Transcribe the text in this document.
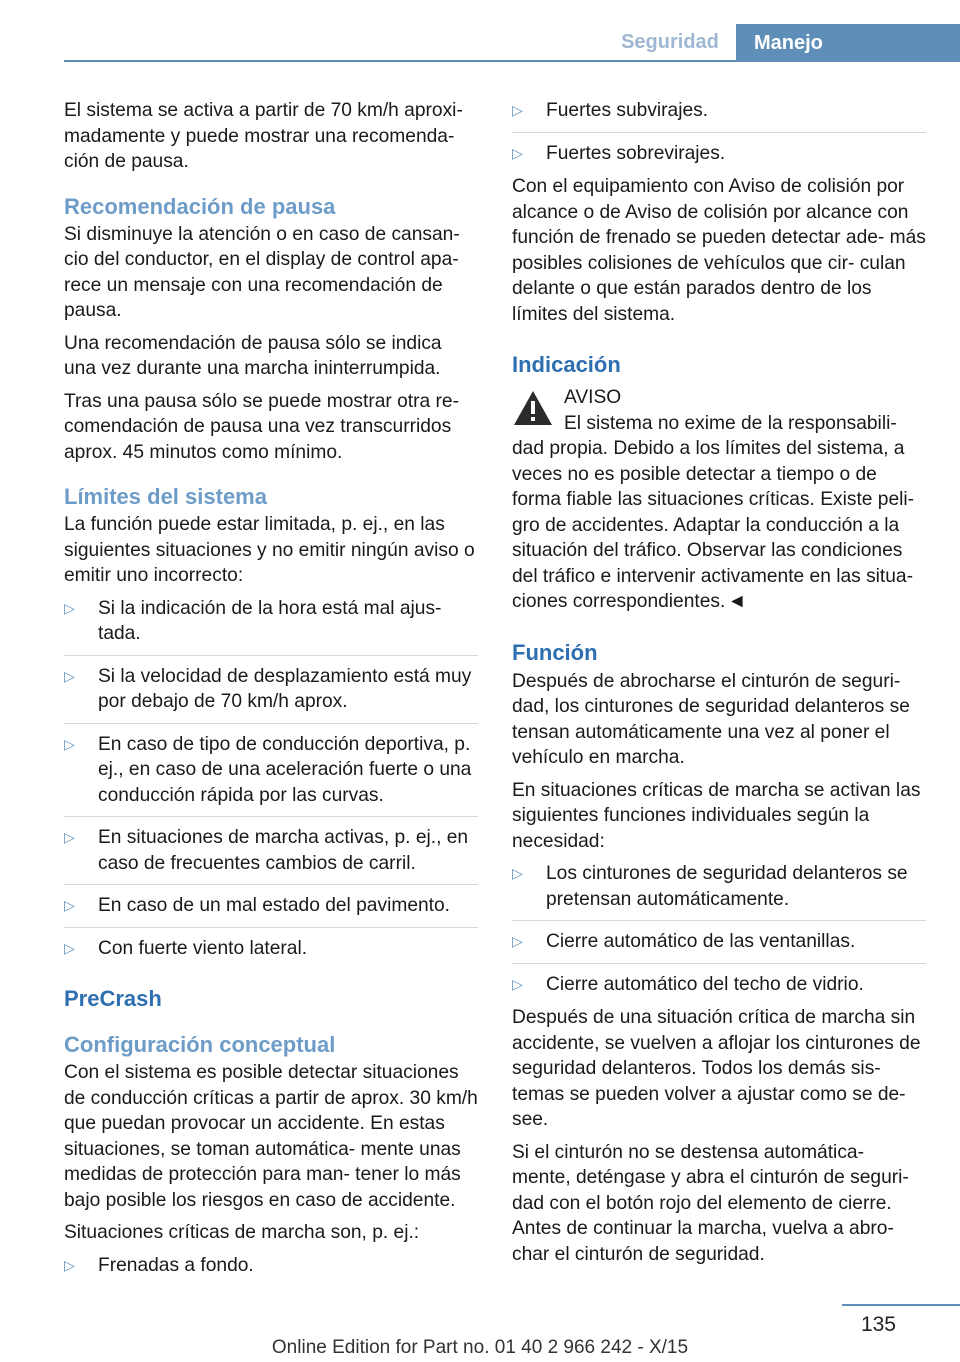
Seguridad	Manejo

El sistema se activa a partir de 70 km/h aproxi‐ madamente y puede mostrar una recomenda‐ ción de pausa.

Recomendación de pausa

Si disminuye la atención o en caso de cansan‐ cio del conductor, en el display de control apa‐ rece un mensaje con una recomendación de pausa.

Una recomendación de pausa sólo se indica una vez durante una marcha ininterrumpida.

Tras una pausa sólo se puede mostrar otra re‐ comendación de pausa una vez transcurridos aprox. 45 minutos como mínimo.

Límites del sistema

La función puede estar limitada, p. ej., en las siguientes situaciones y no emitir ningún aviso o emitir uno incorrecto:

▷ Si la indicación de la hora está mal ajus‐ tada.
▷ Si la velocidad de desplazamiento está muy por debajo de 70 km/h aprox.
▷ En caso de tipo de conducción deportiva, p. ej., en caso de una aceleración fuerte o una conducción rápida por las curvas.
▷ En situaciones de marcha activas, p. ej., en caso de frecuentes cambios de carril.
▷ En caso de un mal estado del pavimento.
▷ Con fuerte viento lateral.
PreCrash
Configuración conceptual

Con el sistema es posible detectar situaciones de conducción críticas a partir de aprox. 30 km/h que puedan provocar un accidente. En estas situaciones, se toman automática‐ mente unas medidas de protección para man‐ tener lo más bajo posible los riesgos en caso de accidente.

Situaciones críticas de marcha son, p. ej.:

▷ Frenadas a fondo.
▷ Fuertes subvirajes.
▷ Fuertes sobrevirajes.

Con el equipamiento con Aviso de colisión por alcance o de Aviso de colisión por alcance con función de frenado se pueden detectar ade‐ más posibles colisiones de vehículos que cir‐ culan delante o que están parados dentro de los límites del sistema.

Indicación
AVISO
El sistema no exime de la responsabili‐
dad propia. Debido a los límites del sistema, a veces no es posible detectar a tiempo o de forma fiable las situaciones críticas. Existe peli‐ gro de accidentes. Adaptar la conducción a la situación del tráfico. Observar las condiciones del tráfico e intervenir activamente en las situa‐ ciones correspondientes. ◄
Función

Después de abrocharse el cinturón de seguri‐ dad, los cinturones de seguridad delanteros se tensan automáticamente una vez al poner el vehículo en marcha.

En situaciones críticas de marcha se activan las siguientes funciones individuales según la necesidad:

▷ Los cinturones de seguridad delanteros se pretensan automáticamente.
▷ Cierre automático de las ventanillas.
▷ Cierre automático del techo de vidrio.

Después de una situación crítica de marcha sin accidente, se vuelven a aflojar los cinturones de seguridad delanteros. Todos los demás sis‐ temas se pueden volver a ajustar como se de‐ see.

Si el cinturón no se destensa automática‐ mente, deténgase y abra el cinturón de seguri‐ dad con el botón rojo del elemento de cierre. Antes de continuar la marcha, vuelva a abro‐ char el cinturón de seguridad.

135
Online Edition for Part no. 01 40 2 966 242 - X/15
